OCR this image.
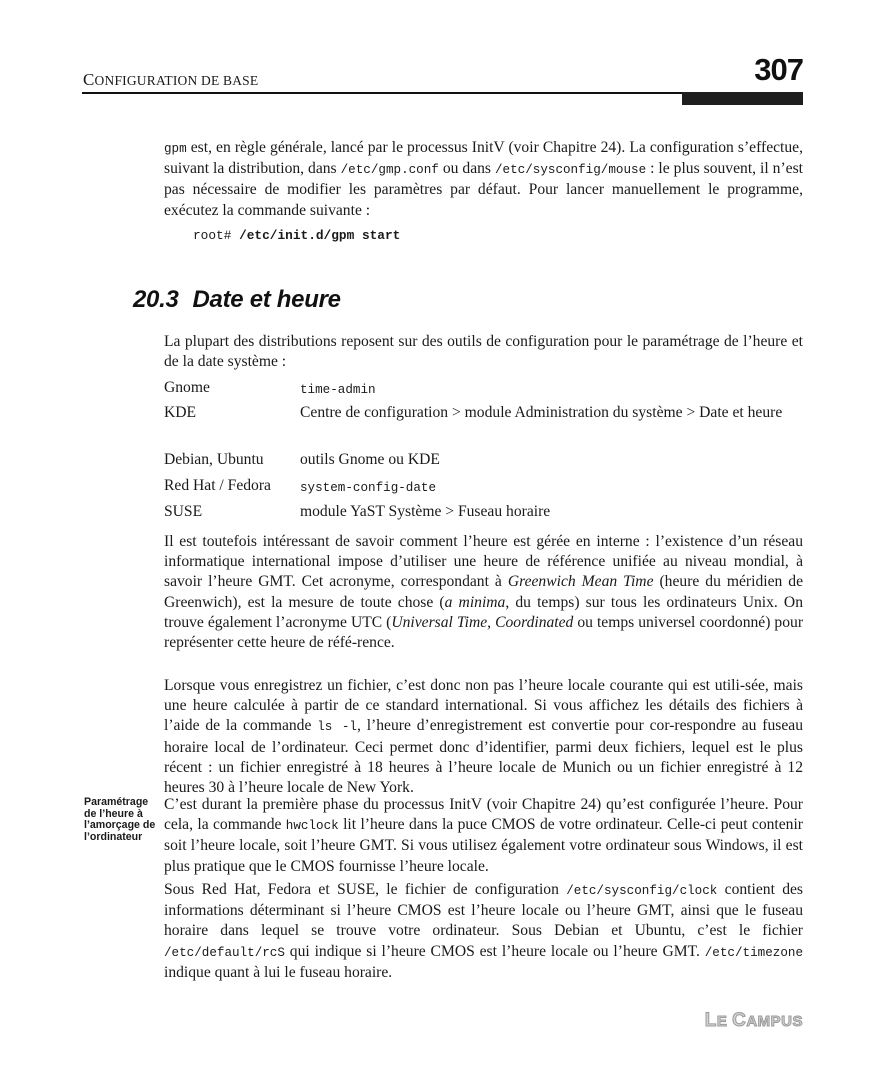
CONFIGURATION DE BASE	307

gpm est, en règle générale, lancé par le processus InitV (voir Chapitre 24). La configuration s’effectue, suivant la distribution, dans /etc/gmp.conf ou dans /etc/sysconfig/mouse : le plus souvent, il n’est pas nécessaire de modifier les paramètres par défaut. Pour lancer manuellement le programme, exécutez la commande suivante :

root# /etc/init.d/gpm start
20.3 Date et heure

La plupart des distributions reposent sur des outils de configuration pour le paramétrage de l’heure et de la date système :

Gnome	time-admin
KDE	Centre de configuration > module Administration du système > Date et heure
Debian, Ubuntu	outils Gnome ou KDE
Red Hat / Fedora	system-config-date
SUSE	module YaST Système > Fuseau horaire

Il est toutefois intéressant de savoir comment l’heure est gérée en interne : l’existence d’un réseau informatique international impose d’utiliser une heure de référence unifiée au niveau mondial, à savoir l’heure GMT. Cet acronyme, correspondant à Greenwich Mean Time (heure du méridien de Greenwich), est la mesure de toute chose (a minima, du temps) sur tous les ordinateurs Unix. On trouve également l’acronyme UTC (Universal Time, Coordinated ou temps universel coordonné) pour représenter cette heure de réfé-rence.

Lorsque vous enregistrez un fichier, c’est donc non pas l’heure locale courante qui est utili-sée, mais une heure calculée à partir de ce standard international. Si vous affichez les détails des fichiers à l’aide de la commande ls -l, l’heure d’enregistrement est convertie pour cor-respondre au fuseau horaire local de l’ordinateur. Ceci permet donc d’identifier, parmi deux fichiers, lequel est le plus récent : un fichier enregistré à 18 heures à l’heure locale de Munich ou un fichier enregistré à 12 heures 30 à l’heure locale de New York.

Paramétrage de l’heure à l’amorçage de l’ordinateur

C’est durant la première phase du processus InitV (voir Chapitre 24) qu’est configurée l’heure. Pour cela, la commande hwclock lit l’heure dans la puce CMOS de votre ordinateur. Celle-ci peut contenir soit l’heure locale, soit l’heure GMT. Si vous utilisez également votre ordinateur sous Windows, il est plus pratique que le CMOS fournisse l’heure locale.

Sous Red Hat, Fedora et SUSE, le fichier de configuration /etc/sysconfig/clock contient des informations déterminant si l’heure CMOS est l’heure locale ou l’heure GMT, ainsi que le fuseau horaire dans lequel se trouve votre ordinateur. Sous Debian et Ubuntu, c’est le fichier /etc/default/rcS qui indique si l’heure CMOS est l’heure locale ou l’heure GMT. /etc/timezone indique quant à lui le fuseau horaire.

LE CAMPUS
